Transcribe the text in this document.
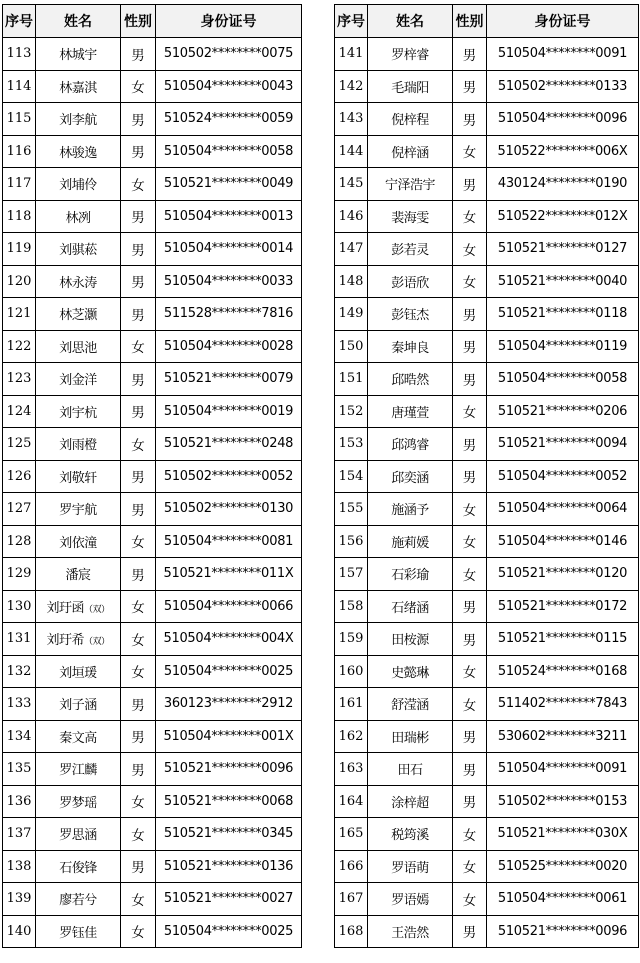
序号	姓名	性别	身份证号
113	林城宇	男	510502********0075
114	林嘉淇	女	510504********0043
115	刘李航	男	510524********0059
116	林骏逸	男	510504********0058
117	刘埔伶	女	510521********0049
118	林冽	男	510504********0013
119	刘骐菘	男	510504********0014
120	林永涛	男	510504********0033
121	林芝灏	男	511528********7816
122	刘思池	女	510504********0028
123	刘金洋	男	510521********0079
124	刘宇杭	男	510504********0019
125	刘雨橙	女	510521********0248
126	刘敬轩	男	510502********0052
127	罗宇航	男	510502********0130
128	刘依潼	女	510504********0081
129	潘宸	男	510521********011X
130	刘玗函（双）	女	510504********0066
131	刘玗希（双）	女	510504********004X
132	刘垣瑗	女	510504********0025
133	刘子涵	男	360123********2912
134	秦文高	男	510504********001X
135	罗江麟	男	510521********0096
136	罗梦瑶	女	510521********0068
137	罗思涵	女	510521********0345
138	石俊锋	男	510521********0136
139	廖若兮	女	510521********0027
140	罗钰佳	女	510504********0025
序号	姓名	性别	身份证号
141	罗梓睿	男	510504********0091
142	毛瑞阳	男	510502********0133
143	倪梓程	男	510504********0096
144	倪梓涵	女	510522********006X
145	宁泽浩宇	男	430124********0190
146	裴海雯	女	510522********012X
147	彭若灵	女	510521********0127
148	彭语欣	女	510521********0040
149	彭钰杰	男	510521********0118
150	秦坤良	男	510504********0119
151	邱晧然	男	510504********0058
152	唐瑾萱	女	510521********0206
153	邱鸿睿	男	510521********0094
154	邱奕涵	男	510504********0052
155	施涵予	女	510504********0064
156	施莉媛	女	510504********0146
157	石彩瑜	女	510521********0120
158	石绪涵	男	510521********0172
159	田桉源	男	510521********0115
160	史懿琳	女	510524********0168
161	舒滢涵	女	511402********7843
162	田瑞彬	男	530602********3211
163	田石	男	510504********0091
164	涂梓超	男	510502********0153
165	税筠溪	女	510521********030X
166	罗语萌	女	510525********0020
167	罗语嫣	女	510504********0061
168	王浩然	男	510521********0096
